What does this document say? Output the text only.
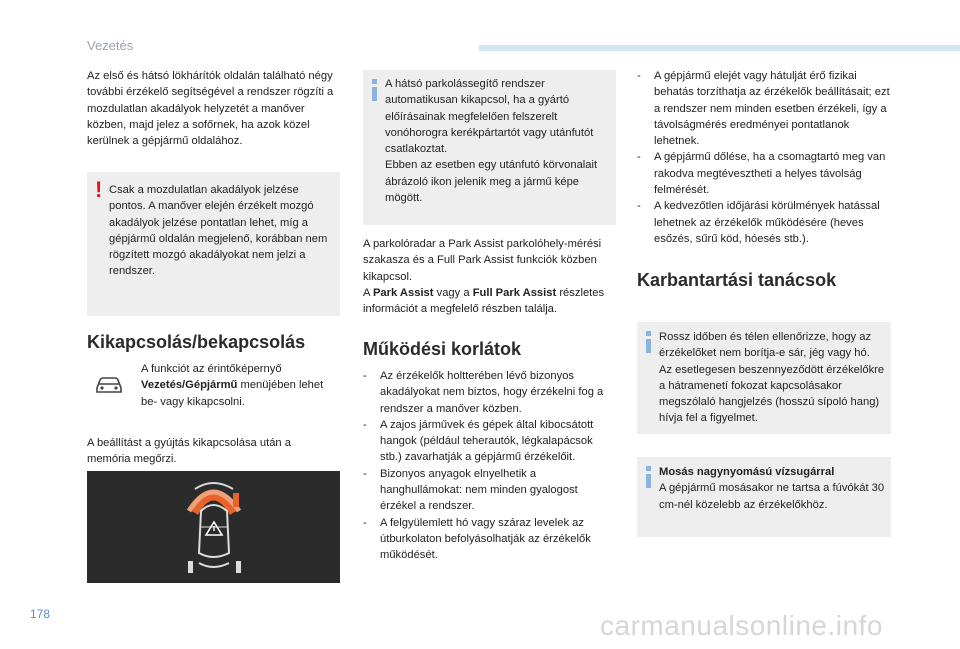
Vezetés

Az első és hátsó lökhárítók oldalán található négy további érzékelő segítségével a rendszer rögzíti a mozdulatlan akadályok helyzetét a manőver közben, majd jelez a sofőrnek, ha azok közel kerülnek a gépjármű oldalához.

! Csak a mozdulatlan akadályok jelzése pontos. A manőver elején érzékelt mozgó akadályok jelzése pontatlan lehet, míg a gépjármű oldalán megjelenő, korábban nem rögzített mozgó akadályokat nem jelzi a rendszer.

Kikapcsolás/bekapcsolás

A funkciót az érintőképernyő Vezetés/Gépjármű menüjében lehet be- vagy kikapcsolni.

A beállítást a gyújtás kikapcsolása után a memória megőrzi.

A hátsó parkolássegítő rendszer automatikusan kikapcsol, ha a gyártó előírásainak megfelelően felszerelt vonóhorogra kerékpártartót vagy utánfutót csatlakoztat.
Ebben az esetben egy utánfutó körvonalait ábrázoló ikon jelenik meg a jármű képe mögött.

A parkolóradar a Park Assist parkolóhely-mérési szakasza és a Full Park Assist funkciók közben kikapcsol.

A Park Assist vagy a Full Park Assist részletes információt a megfelelő részben találja.

Működési korlátok
- Az érzékelők holtterében lévő bizonyos akadályokat nem biztos, hogy érzékelni fog a rendszer a manőver közben.
- A zajos járművek és gépek által kibocsátott hangok (például teherautók, légkalapácsok stb.) zavarhatják a gépjármű érzékelőit.
- Bizonyos anyagok elnyelhetik a hanghullámokat: nem minden gyalogost érzékel a rendszer.
- A felgyülemlett hó vagy száraz levelek az útburkolaton befolyásolhatják az érzékelők működését.
- A gépjármű elejét vagy hátulját érő fizikai behatás torzíthatja az érzékelők beállításait; ezt a rendszer nem minden esetben érzékeli, így a távolságmérés eredményei pontatlanok lehetnek.
- A gépjármű dőlése, ha a csomagtartó meg van rakodva megtévesztheti a helyes távolság felmérését.
- A kedvezőtlen időjárási körülmények hatással lehetnek az érzékelők működésére (heves esőzés, sűrű köd, hóesés stb.).
Karbantartási tanácsok

Rossz időben és télen ellenőrizze, hogy az érzékelőket nem borítja-e sár, jég vagy hó. Az esetlegesen beszennyeződött érzékelőkre a hátramenetí fokozat kapcsolásakor megszólaló hangjelzés (hosszú sípoló hang) hívja fel a figyelmet.

Mosás nagynyomású vízsugárral
A gépjármű mosásakor ne tartsa a fúvókát 30 cm-nél közelebb az érzékelőkhöz.

178	carmanualsonline.info
